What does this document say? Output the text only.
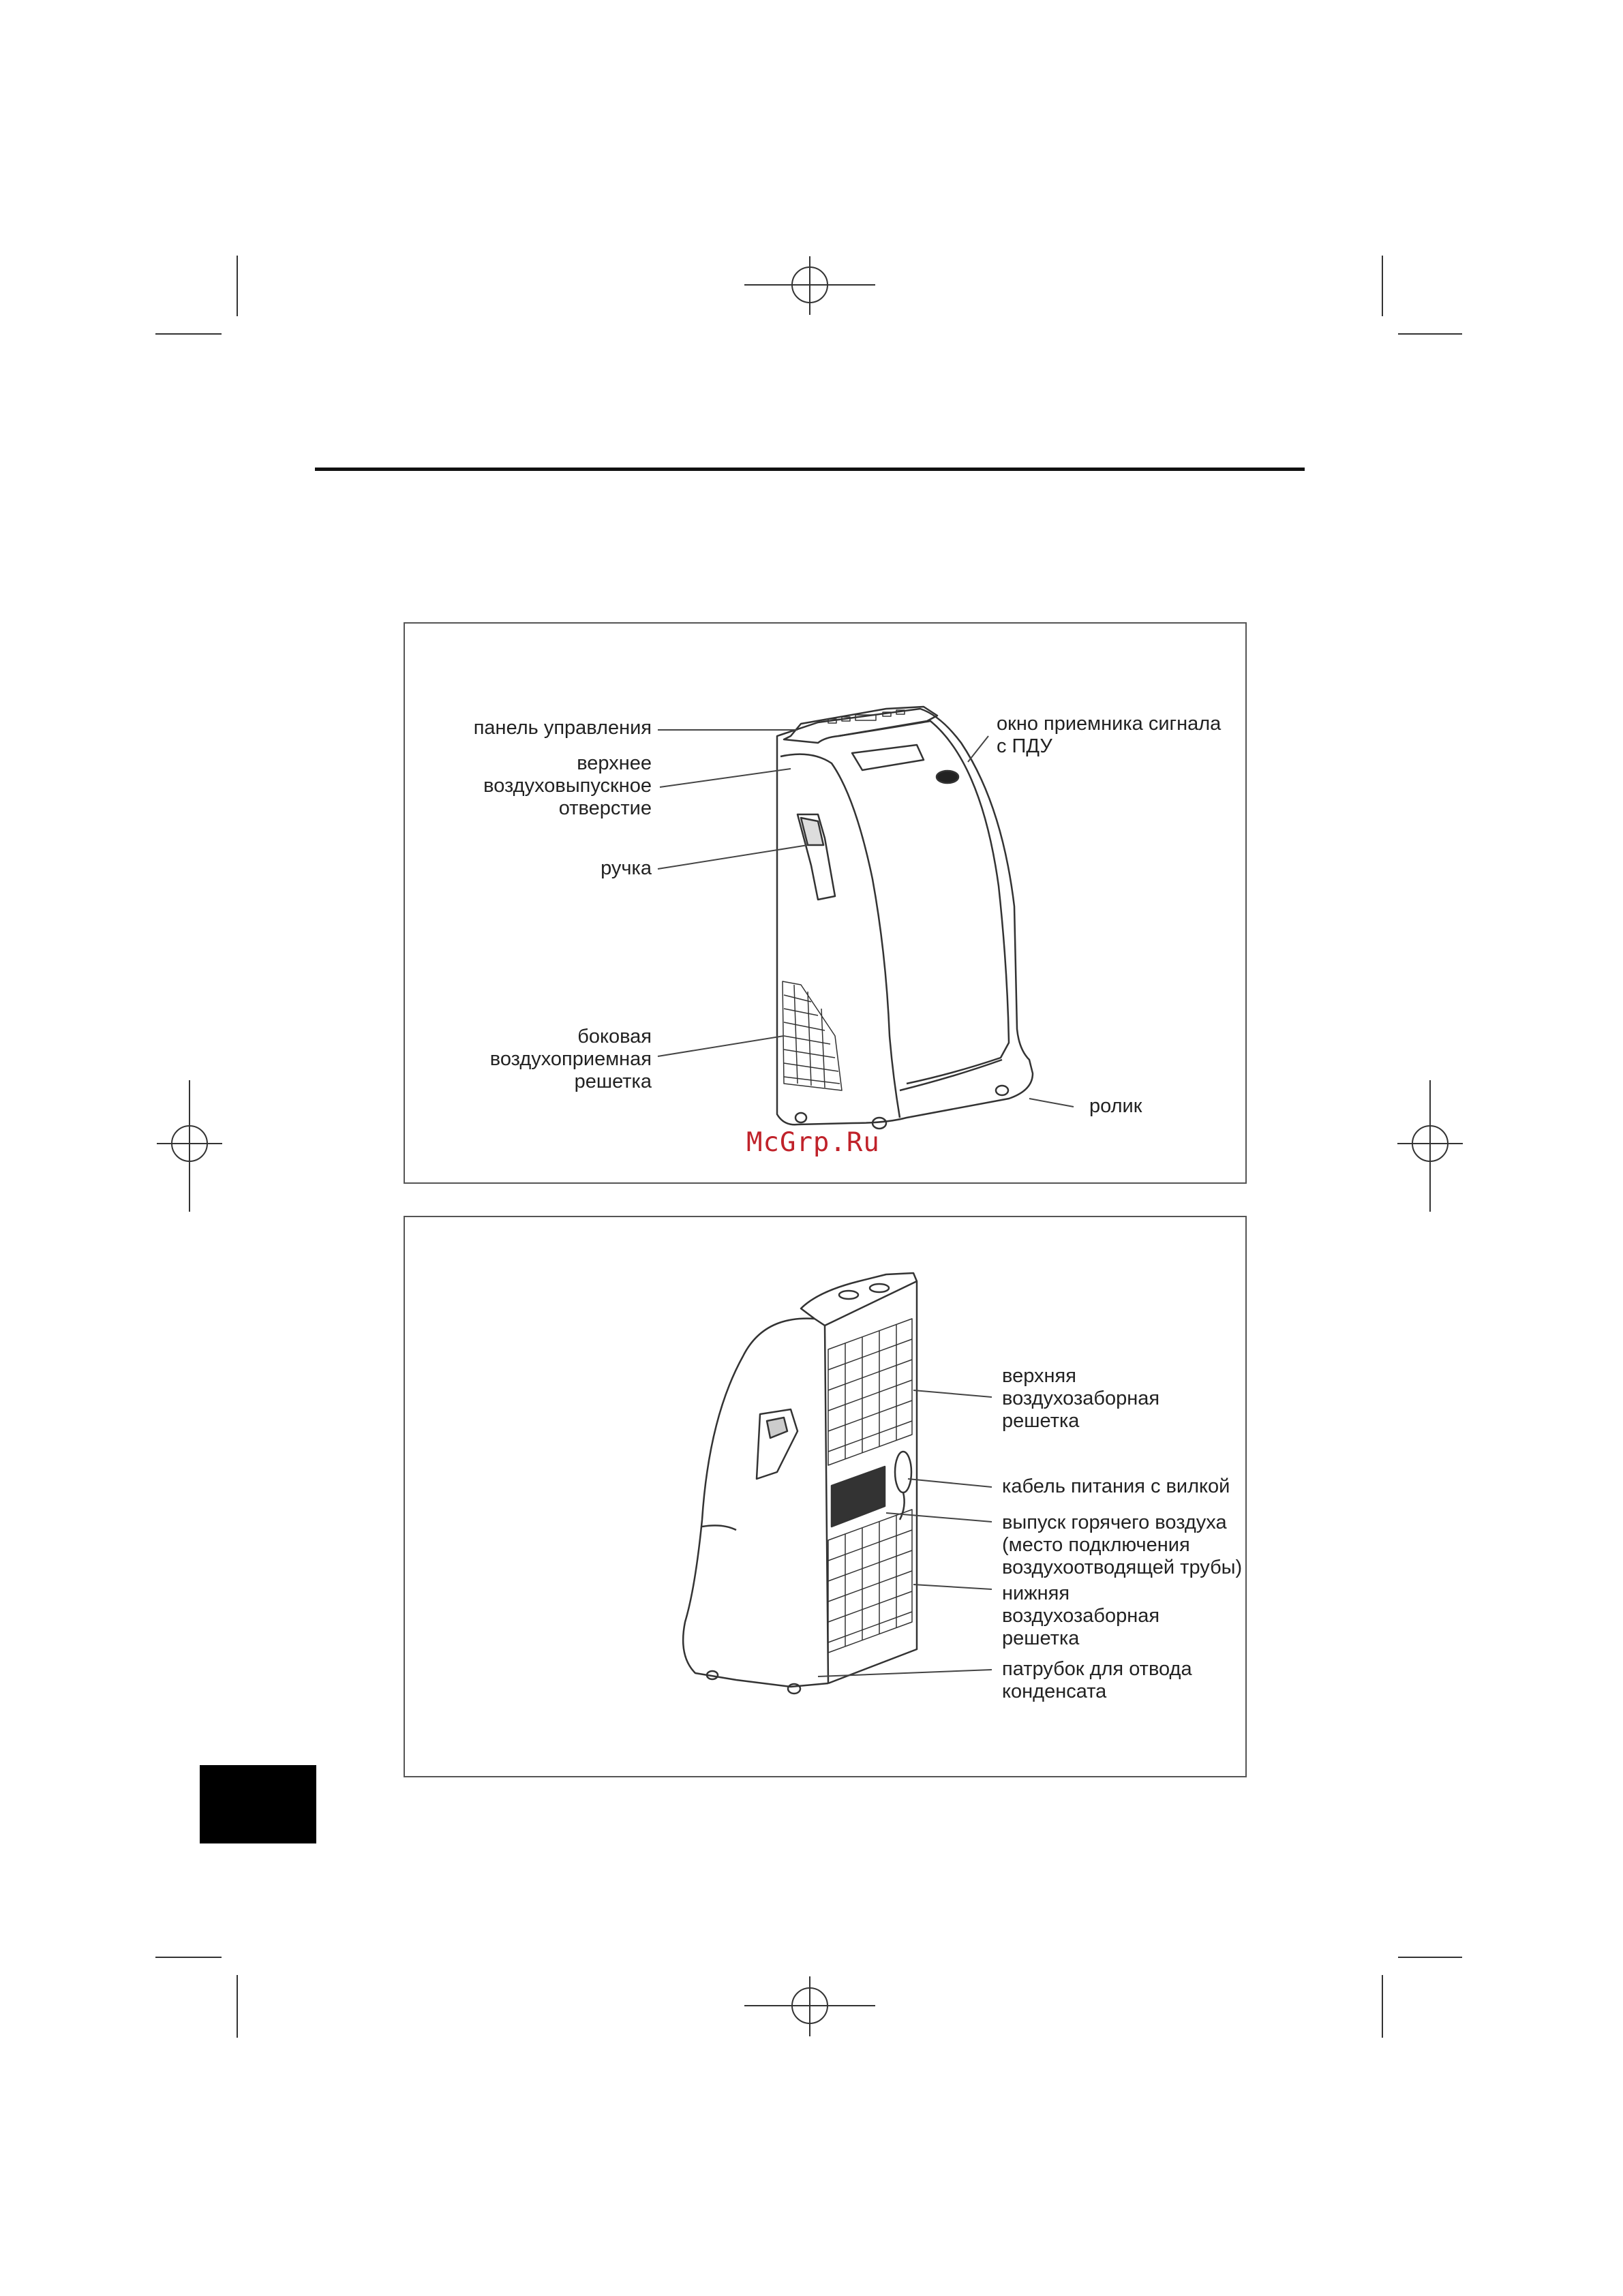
панель управления
верхнее
воздуховыпускное
отверстие
ручка
боковая
воздухоприемная
решетка
окно приемника сигнала
с ПДУ
ролик
McGrp.Ru
верхняя
воздухозаборная
решетка
кабель питания с вилкой
выпуск горячего воздуха
(место подключения
воздухоотводящей трубы)
нижняя
воздухозаборная
решетка
патрубок для отвода
конденсата
